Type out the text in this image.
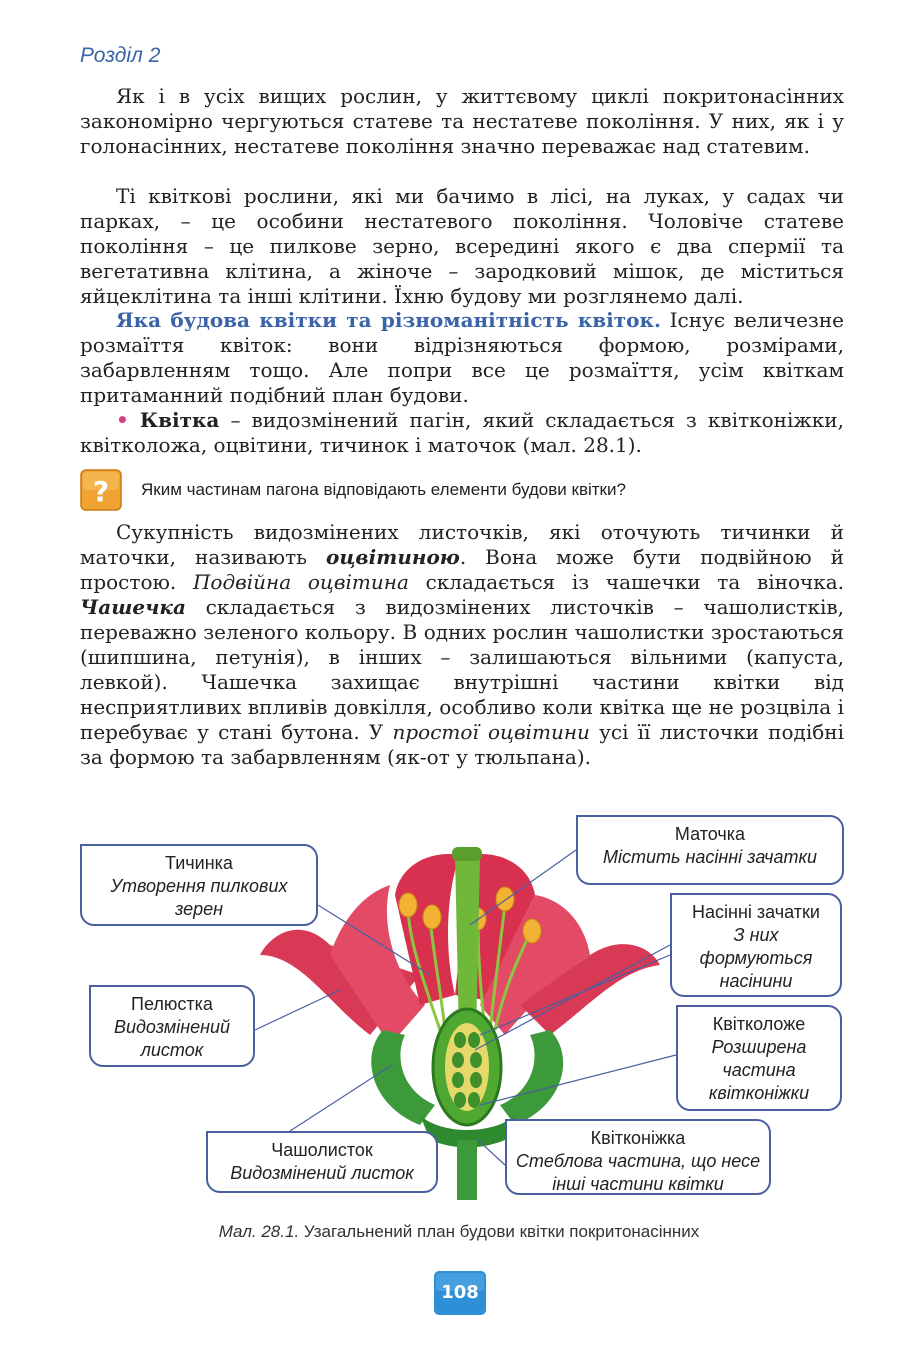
Розділ 2

Як і в усіх вищих рослин, у життєвому циклі покритонасінних закономірно чергуються статеве та нестатеве покоління. У них, як і у голонасінних, нестатеве покоління значно переважає над статевим.

Ті квіткові рослини, які ми бачимо в лісі, на луках, у садах чи парках, – це особини нестатевого покоління. Чоловіче статеве покоління – це пилкове зерно, всередині якого є два спермії та вегетативна клітина, а жіноче – зародковий мішок, де міститься яйцеклітина та інші клітини. Їхню будову ми розглянемо далі.

Яка будова квітки та різноманітність квіток. Існує величезне розмаїття квіток: вони відрізняються формою, розмірами, забарвленням тощо. Але попри все це розмаїття, усім квіткам притаманний подібний план будови.

• Квітка – видозмінений пагін, який складається з квітконіжки, квітколожа, оцвітини, тичинок і маточок (мал. 28.1).

? Яким частинам пагона відповідають елементи будови квітки?

Сукупність видозмінених листочків, які оточують тичинки й маточки, називають оцвітиною. Вона може бути подвійною й простою. Подвійна оцвітина складається із чашечки та віночка. Чашечка складається з видозмінених листочків – чашолистків, переважно зеленого кольору. В одних рослин чашолистки зростаються (шипшина, петунія), в інших – залишаються вільними (капуста, левкой). Чашечка захищає внутрішні частини квітки від несприятливих впливів довкілля, особливо коли квітка ще не розцвіла і перебуває у стані бутона. У простої оцвітини усі її листочки подібні за формою та забарвленням (як-от у тюльпана).

Тичинка
Утворення пилкових зерен
Пелюстка
Видозмінений листок
Чашолисток
Видозмінений листок
Маточка
Містить насінні зачатки
Насінні зачатки
З них формуються насінини
Квітколоже
Розширена частина квітконіжки
Квітконіжка
Стеблова частина, що несе інші частини квітки
Мал. 28.1. Узагальнений план будови квітки покритонасінних
108
